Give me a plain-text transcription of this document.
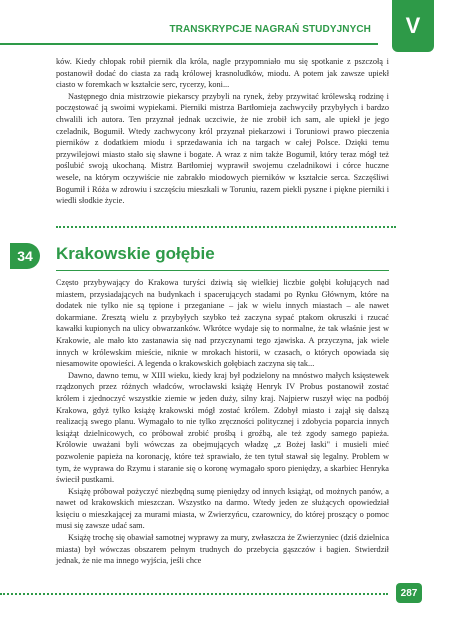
TRANSKRYPCJE NAGRAŃ STUDYJNYCH V

ków. Kiedy chłopak robił piernik dla króla, nagle przypomniało mu się spotkanie z pszczołą i postanowił dodać do ciasta za radą królowej krasnoludków, miodu. A potem jak zawsze upiekł ciasto w foremkach w kształcie serc, rycerzy, koni...

Następnego dnia mistrzowie piekarscy przybyli na rynek, żeby przywitać królewską rodzinę i poczęstować ją swoimi wypiekami. Pierniki mistrza Bartłomieja zachwyciły przybyłych i bardzo chwalili ich autora. Ten przyznał jednak uczciwie, że nie zrobił ich sam, ale upiekł je jego czeladnik, Bogumił. Wtedy zachwycony król przyznał piekarzowi i Toruniowi prawo pieczenia pierników z dodatkiem miodu i sprzedawania ich na targach w całej Polsce. Dzięki temu przywilejowi miasto stało się sławne i bogate. A wraz z nim także Bogumił, który teraz mógł też poślubić swoją ukochaną. Mistrz Bartłomiej wyprawił swojemu czeladnikowi i córce huczne wesele, na którym oczywiście nie zabrakło miodowych pierników w kształcie serca. Szczęśliwi Bogumił i Róża w zdrowiu i szczęściu mieszkali w Toruniu, razem piekli pyszne i piękne pierniki i wiedli słodkie życie.

34 Krakowskie gołębie

Często przybywający do Krakowa turyści dziwią się wielkiej liczbie gołębi kołujących nad miastem, przysiadających na budynkach i spacerujących stadami po Rynku Głównym, które na dodatek nie tylko nie są tępione i przeganiane – jak w wielu innych miastach – ale nawet dokarmiane. Zresztą wielu z przybyłych szybko też zaczyna sypać ptakom okruszki i rzucać kawałki kupionych na ulicy obwarzanków. Wkrótce wydaje się to normalne, że tak właśnie jest w Krakowie, ale mało kto zastanawia się nad przyczynami tego zjawiska. A przyczyna, jak wiele innych w królewskim mieście, niknie w mrokach historii, w czasach, o których opowiada się niesamowite opowieści. A legenda o krakowskich gołębiach zaczyna się tak...

Dawno, dawno temu, w XIII wieku, kiedy kraj był podzielony na mnóstwo małych księstewek rządzonych przez różnych władców, wrocławski książę Henryk IV Probus postanowił zostać królem i zjednoczyć wszystkie ziemie w jeden duży, silny kraj. Najpierw ruszył więc na podbój Krakowa, gdyż tylko książę krakowski mógł zostać królem. Zdobył miasto i zajął się dalszą realizacją swego planu. Wymagało to nie tylko zręczności politycznej i zdobycia poparcia innych książąt dzielnicowych, co próbował zrobić prośbą i groźbą, ale też zgody samego papieża. Królowie uważani byli wówczas za obejmujących władzę „z Bożej łaski" i musieli mieć pozwolenie papieża na koronację, które też sprawiało, że ten tytuł stawał się legalny. Problem w tym, że wyprawa do Rzymu i staranie się o koronę wymagało sporo pieniędzy, a skarbiec Henryka świecił pustkami.

Książę próbował pożyczyć niezbędną sumę pieniędzy od innych książąt, od możnych panów, a nawet od krakowskich mieszczan. Wszystko na darmo. Wtedy jeden ze służących opowiedział księciu o mieszkającej za murami miasta, w Zwierzyńcu, czarownicy, do której proszący o pomoc musi się zawsze udać sam.

Książę trochę się obawiał samotnej wyprawy za mury, zwłaszcza że Zwierzyniec (dziś dzielnica miasta) był wówczas obszarem pełnym trudnych do przebycia gąszczów i bagien. Stwierdził jednak, że nie ma innego wyjścia, jeśli chce

287
